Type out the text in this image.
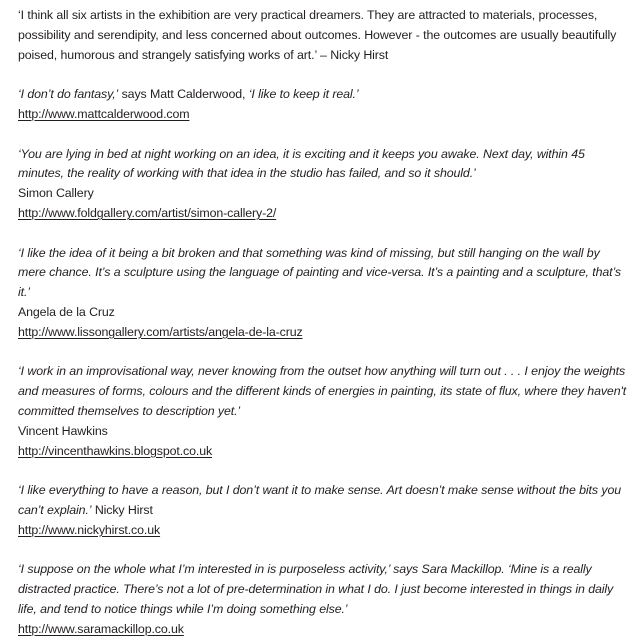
‘I think all six artists in the exhibition are very practical dreamers. They are attracted to materials, processes, possibility and serendipity, and less concerned about outcomes. However - the outcomes are usually beautifully poised, humorous and strangely satisfying works of art.’ – Nicky Hirst

‘I don’t do fantasy,’ says Matt Calderwood, ‘I like to keep it real.’

http://www.mattcalderwood.com

‘You are lying in bed at night working on an idea, it is exciting and it keeps you awake. Next day, within 45 minutes, the reality of working with that idea in the studio has failed, and so it should.’

Simon Callery

http://www.foldgallery.com/artist/simon-callery-2/

‘I like the idea of it being a bit broken and that something was kind of missing, but still hanging on the wall by mere chance. It’s a sculpture using the language of painting and vice-versa. It’s a painting and a sculpture, that’s it.’

Angela de la Cruz

http://www.lissongallery.com/artists/angela-de-la-cruz

‘I work in an improvisational way, never knowing from the outset how anything will turn out . . . I enjoy the weights and measures of forms, colours and the different kinds of energies in painting, its state of flux, where they haven't committed themselves to description yet.’

Vincent Hawkins

http://vincenthawkins.blogspot.co.uk

‘I like everything to have a reason, but I don’t want it to make sense. Art doesn’t make sense without the bits you can’t explain.’ Nicky Hirst

http://www.nickyhirst.co.uk

‘I suppose on the whole what I’m interested in is purposeless activity,’ says Sara Mackillop. ‘Mine is a really distracted practice. There’s not a lot of pre-determination in what I do. I just become interested in things in daily life, and tend to notice things while I’m doing something else.’

http://www.saramackillop.co.uk
